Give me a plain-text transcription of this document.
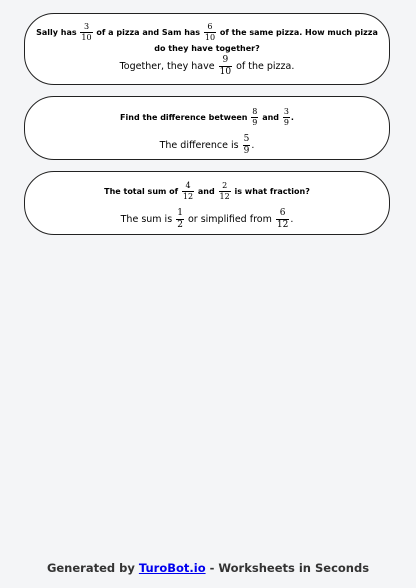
Sally has $\frac{3}{10}$ of a pizza and Sam has $\frac{6}{10}$ of the same pizza. How much pizza do they have together?
Together, they have $\frac{9}{10}$ of the pizza.
Find the difference between $\frac{8}{9}$ and $\frac{3}{9}$ .
The difference is $\frac{5}{9}$ .
The total sum of $\frac{4}{12}$ and $\frac{2}{12}$ is what fraction?
The sum is $\frac{1}{2}$ or simplified from $\frac{6}{12}$ .
Generated by TuroBot.io - Worksheets in Seconds
